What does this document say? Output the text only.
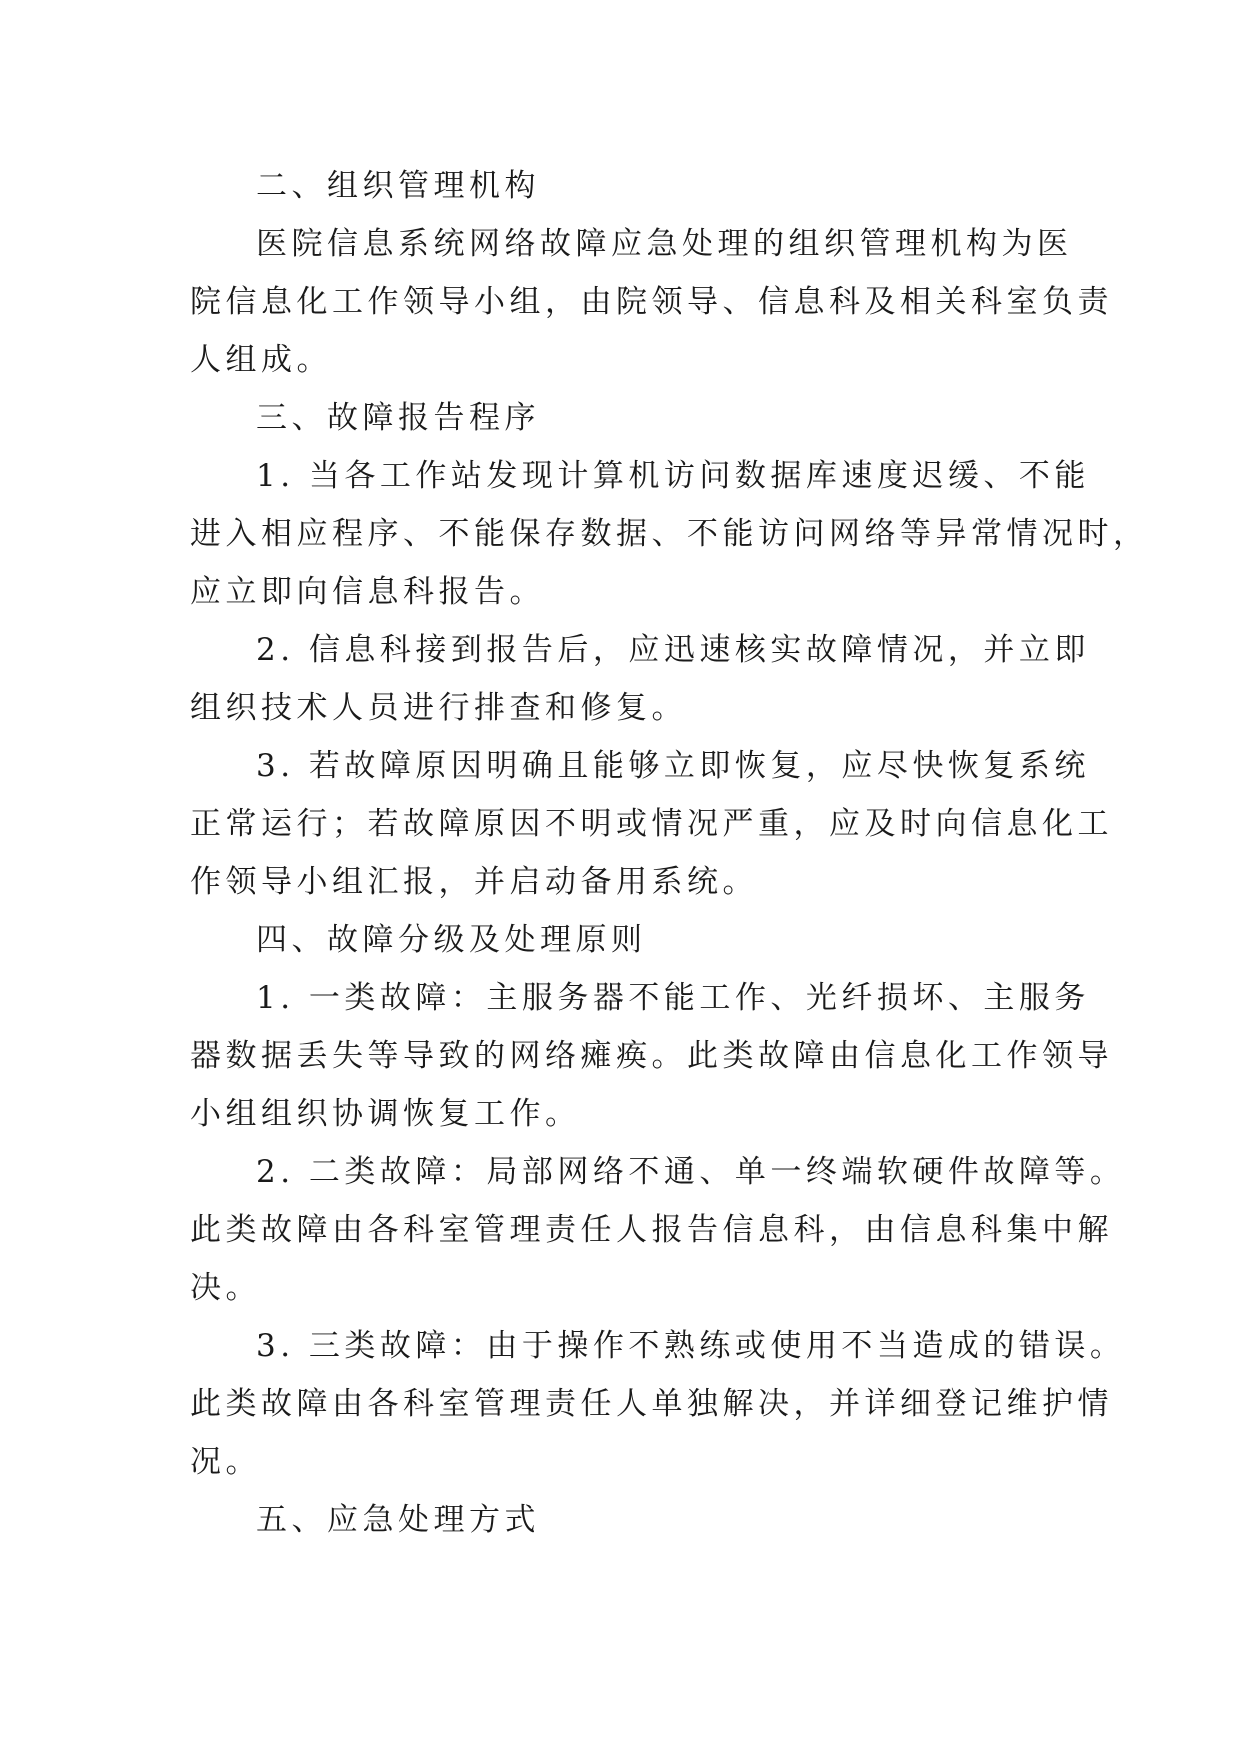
二、组织管理机构
医院信息系统网络故障应急处理的组织管理机构为医
院信息化工作领导小组，由院领导、信息科及相关科室负责
人组成。
三、故障报告程序
1. 当各工作站发现计算机访问数据库速度迟缓、不能
进入相应程序、不能保存数据、不能访问网络等异常情况时，
应立即向信息科报告。
2. 信息科接到报告后，应迅速核实故障情况，并立即
组织技术人员进行排查和修复。
3. 若故障原因明确且能够立即恢复，应尽快恢复系统
正常运行；若故障原因不明或情况严重，应及时向信息化工
作领导小组汇报，并启动备用系统。
四、故障分级及处理原则
1. 一类故障：主服务器不能工作、光纤损坏、主服务
器数据丢失等导致的网络瘫痪。此类故障由信息化工作领导
小组组织协调恢复工作。
2. 二类故障：局部网络不通、单一终端软硬件故障等。
此类故障由各科室管理责任人报告信息科，由信息科集中解
决。
3. 三类故障：由于操作不熟练或使用不当造成的错误。
此类故障由各科室管理责任人单独解决，并详细登记维护情
况。
五、应急处理方式
